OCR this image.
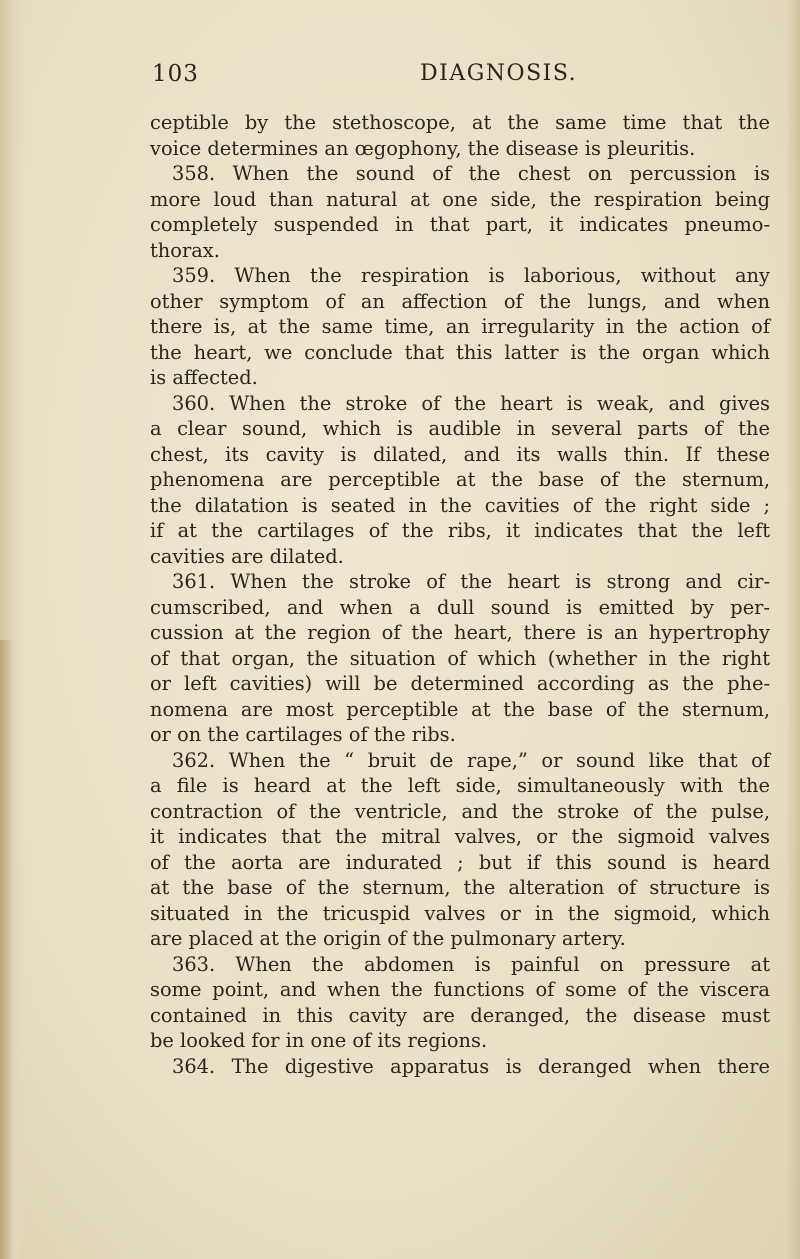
103	DIAGNOSIS.
ceptible by the stethoscope, at the same time that the
voice determines an œgophony, the disease is pleuritis.
358. When the sound of the chest on percussion is
more loud than natural at one side, the respiration being
completely suspended in that part, it indicates pneumo-
thorax.
359. When the respiration is laborious, without any
other symptom of an affection of the lungs, and when
there is, at the same time, an irregularity in the action of
the heart, we conclude that this latter is the organ which
is affected.
360. When the stroke of the heart is weak, and gives
a clear sound, which is audible in several parts of the
chest, its cavity is dilated, and its walls thin. If these
phenomena are perceptible at the base of the sternum,
the dilatation is seated in the cavities of the right side ;
if at the cartilages of the ribs, it indicates that the left
cavities are dilated.
361. When the stroke of the heart is strong and cir-
cumscribed, and when a dull sound is emitted by per-
cussion at the region of the heart, there is an hypertrophy
of that organ, the situation of which (whether in the right
or left cavities) will be determined according as the phe-
nomena are most perceptible at the base of the sternum,
or on the cartilages of the ribs.
362. When the “ bruit de rape,” or sound like that of
a file is heard at the left side, simultaneously with the
contraction of the ventricle, and the stroke of the pulse,
it indicates that the mitral valves, or the sigmoid valves
of the aorta are indurated ; but if this sound is heard
at the base of the sternum, the alteration of structure is
situated in the tricuspid valves or in the sigmoid, which
are placed at the origin of the pulmonary artery.
363. When the abdomen is painful on pressure at
some point, and when the functions of some of the viscera
contained in this cavity are deranged, the disease must
be looked for in one of its regions.
364. The digestive apparatus is deranged when there
